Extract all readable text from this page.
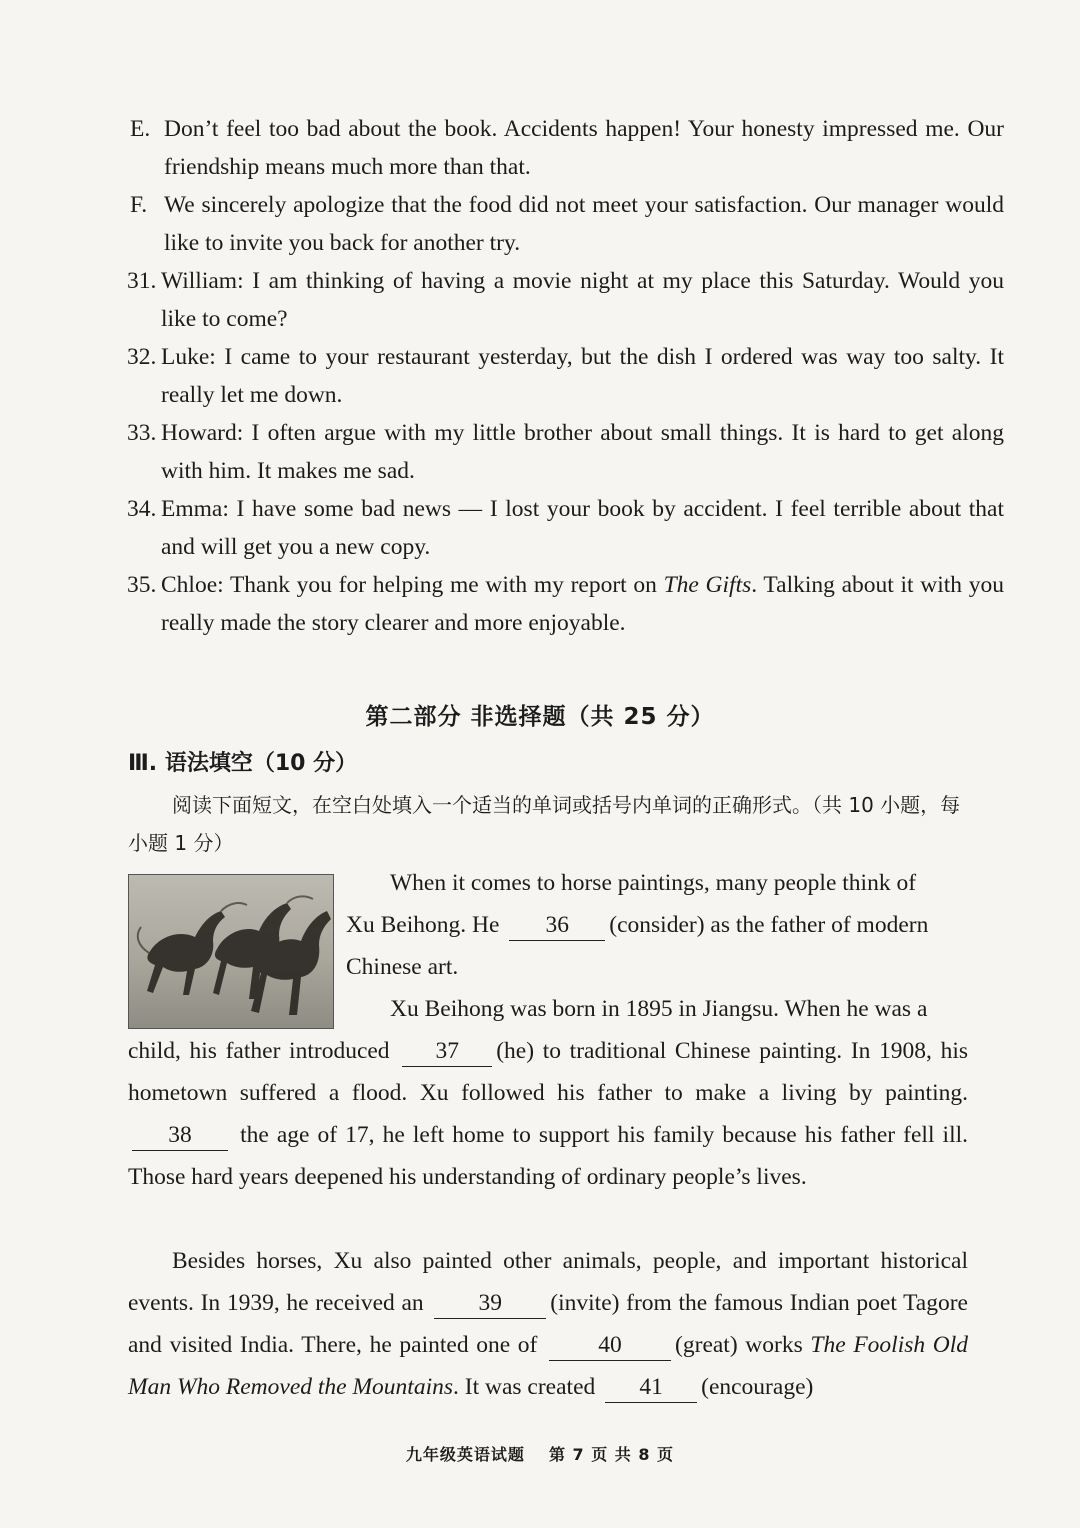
E. Don’t feel too bad about the book. Accidents happen! Your honesty impressed me. Our friendship means much more than that.
F. We sincerely apologize that the food did not meet your satisfaction. Our manager would like to invite you back for another try.
31. William: I am thinking of having a movie night at my place this Saturday. Would you like to come?
32. Luke: I came to your restaurant yesterday, but the dish I ordered was way too salty. It really let me down.
33. Howard: I often argue with my little brother about small things. It is hard to get along with him. It makes me sad.
34. Emma: I have some bad news — I lost your book by accident. I feel terrible about that and will get you a new copy.
35. Chloe: Thank you for helping me with my report on The Gifts. Talking about it with you really made the story clearer and more enjoyable.
第二部分 非选择题（共 25 分）
Ⅲ. 语法填空（10 分）
阅读下面短文，在空白处填入一个适当的单词或括号内单词的正确形式。（共 10 小题，每小题 1 分）
When it comes to horse paintings, many people think of
Xu Beihong. He 36 (consider) as the father of modern
Chinese art.
Xu Beihong was born in 1895 in Jiangsu. When he was a
child, his father introduced 37 (he) to traditional Chinese painting. In 1908, his hometown suffered a flood. Xu followed his father to make a living by painting. 38 the age of 17, he left home to support his family because his father fell ill. Those hard years deepened his understanding of ordinary people’s lives.
Besides horses, Xu also painted other animals, people, and important historical events. In 1939, he received an 39 (invite) from the famous Indian poet Tagore and visited India. There, he painted one of	40 (great) works The Foolish Old Man Who Removed the Mountains. It was created 41 (encourage)
九年级英语试题 第 7 页 共 8 页
